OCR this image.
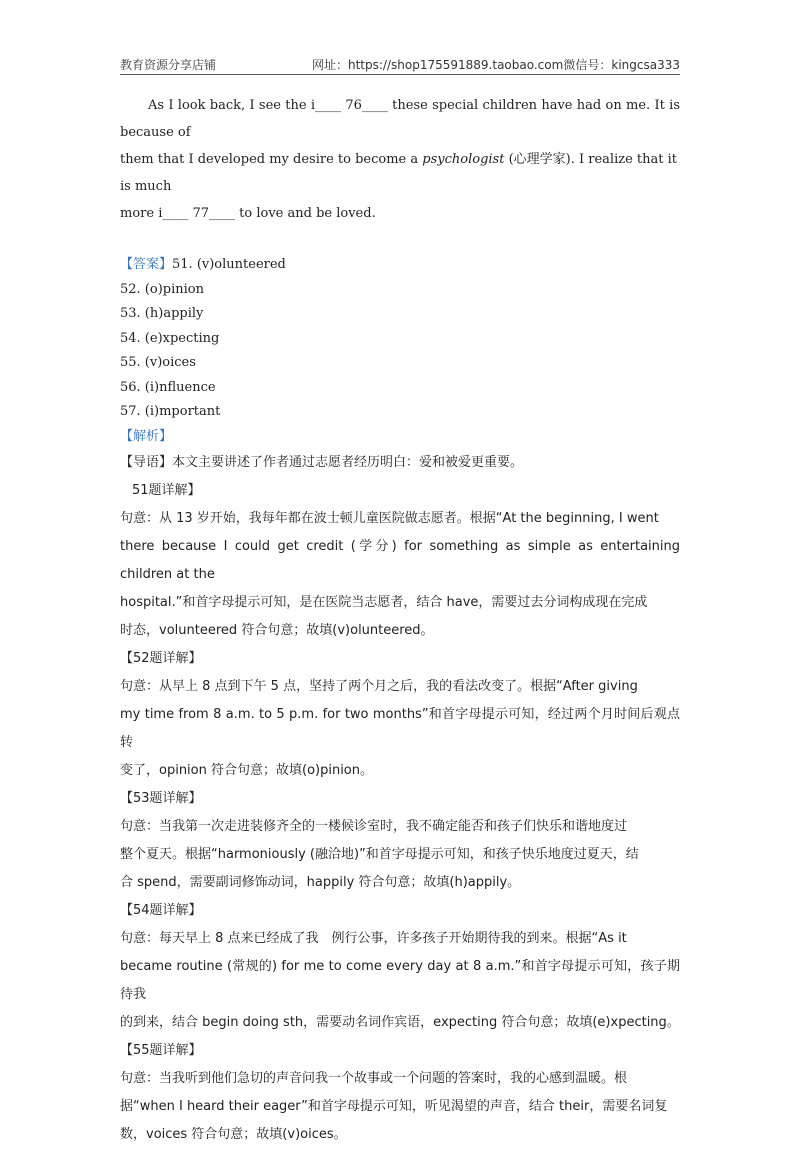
教育资源分享店铺	网址：https://shop175591889.taobao.com 微信号：kingcsa333

As I look back, I see the i____ 76____ these special children have had on me. It is because of

them that I developed my desire to become a psychologist (心理学家). I realize that it is much

more i____ 77____ to love and be loved.

【答案】51. (v)olunteered

52. (o)pinion

53. (h)appily

54. (e)xpecting

55. (v)oices

56. (i)nfluence

57. (i)mportant

【解析】

【导语】本文主要讲述了作者通过志愿者经历明白：爱和被爱更重要。

51题详解】

句意：从 13 岁开始，我每年都在波士顿儿童医院做志愿者。根据“At the beginning, I went

there because I could get credit (学分) for something as simple as entertaining children at the

hospital.”和首字母提示可知，是在医院当志愿者，结合 have，需要过去分词构成现在完成

时态，volunteered 符合句意；故填(v)olunteered。

【52题详解】

句意：从早上 8 点到下午 5 点，坚持了两个月之后，我的看法改变了。根据“After giving

my time from 8 a.m. to 5 p.m. for two months”和首字母提示可知，经过两个月时间后观点转

变了，opinion 符合句意；故填(o)pinion。

【53题详解】

句意：当我第一次走进装修齐全的一楼候诊室时，我不确定能否和孩子们快乐和谐地度过

整个夏天。根据“harmoniously (融洽地)”和首字母提示可知，和孩子快乐地度过夏天，结

合 spend，需要副词修饰动词，happily 符合句意；故填(h)appily。

【54题详解】

句意：每天早上 8 点来已经成了我　例行公事，许多孩子开始期待我的到来。根据“As it

became routine (常规的) for me to come every day at 8 a.m.”和首字母提示可知，孩子期待我

的到来，结合 begin doing sth，需要动名词作宾语，expecting 符合句意；故填(e)xpecting。

【55题详解】

句意：当我听到他们急切的声音问我一个故事或一个问题的答案时，我的心感到温暖。根

据“when I heard their eager”和首字母提示可知，听见渴望的声音，结合 their，需要名词复

数，voices 符合句意；故填(v)oices。
